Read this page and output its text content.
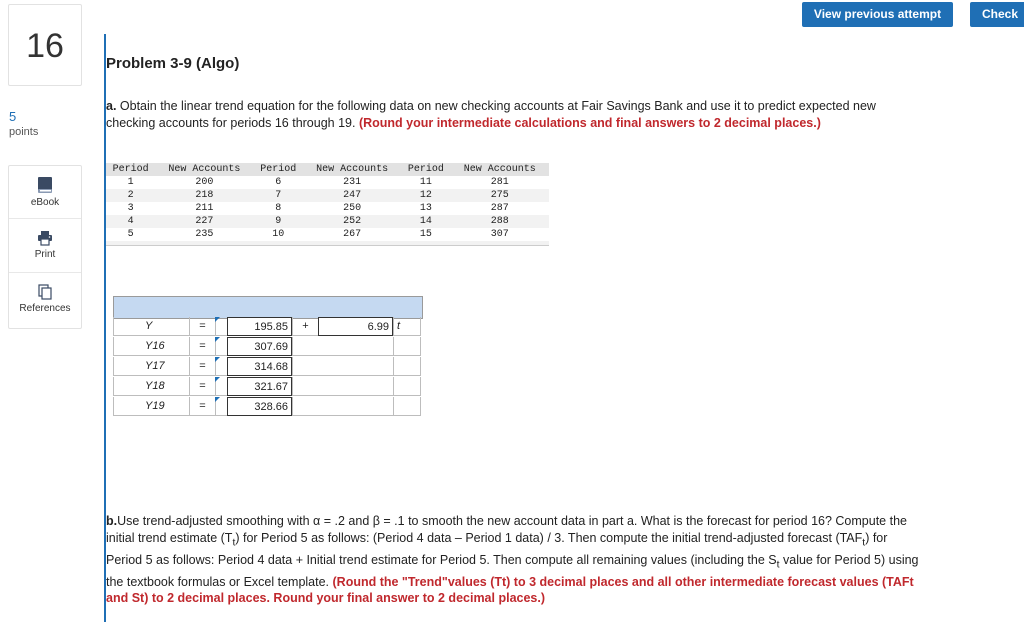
View previous attempt	Check
16
5
points
eBook
Print
References
Problem 3-9 (Algo)
a. Obtain the linear trend equation for the following data on new checking accounts at Fair Savings Bank and use it to predict expected new checking accounts for periods 16 through 19. (Round your intermediate calculations and final answers to 2 decimal places.)
Period	New Accounts	Period	New Accounts	Period	New Accounts
1	200	6	231	11	281
2	218	7	247	12	275
3	211	8	250	13	287
4	227	9	252	14	288
5	235	10	267	15	307

Y	=	195.85	+	6.99 t
Y16	=	307.69
Y17	=	314.68
Y18	=	321.67
Y19	=	328.66
b.Use trend-adjusted smoothing with α = .2 and β = .1 to smooth the new account data in part a. What is the forecast for period 16? Compute the initial trend estimate $(T_t)$ for Period 5 as follows: (Period 4 data – Period 1 data) / 3. Then compute the initial trend-adjusted forecast $(TAF_t)$ for Period 5 as follows: Period 4 data + Initial trend estimate for Period 5. Then compute all remaining values (including the $S_t$ value for Period 5) using the textbook formulas or Excel template. (Round the "Trend"values (Tt) to 3 decimal places and all other intermediate forecast values (TAFt and St) to 2 decimal places. Round your final answer to 2 decimal places.)
